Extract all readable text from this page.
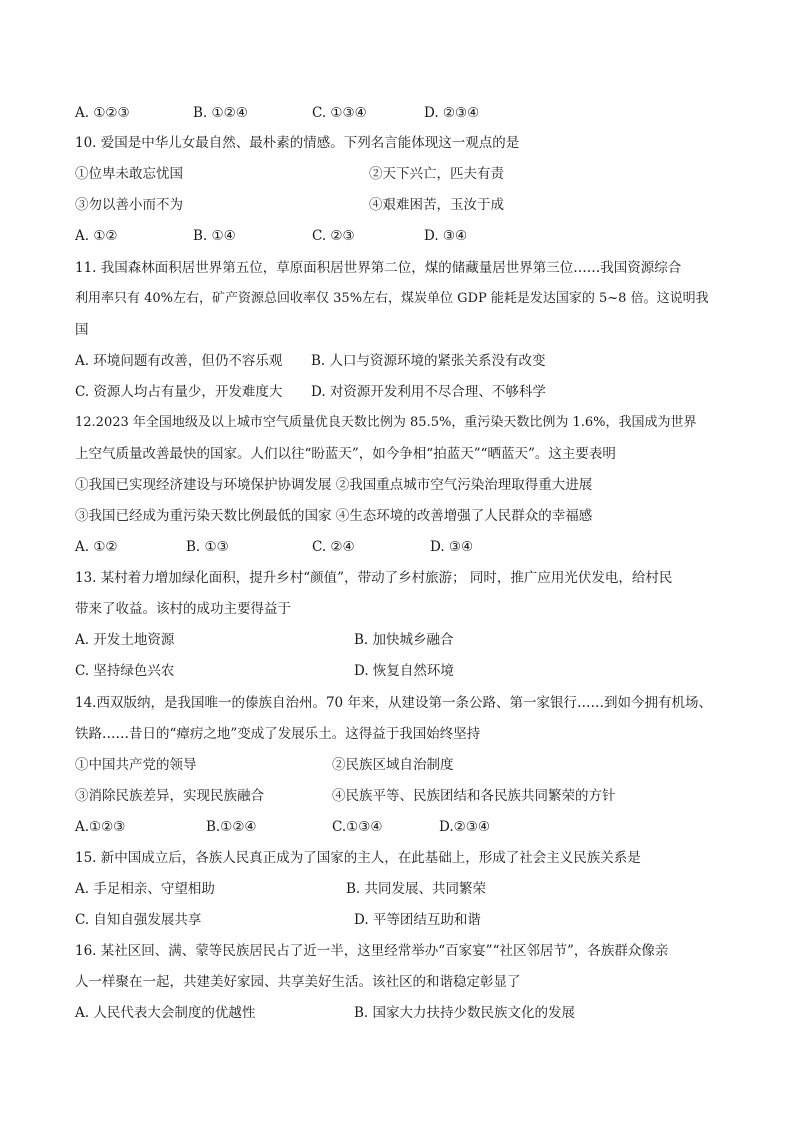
A. ①②③	B. ①②④	C. ①③④	D. ②③④
10. 爱国是中华儿女最自然、最朴素的情感。下列名言能体现这一观点的是
①位卑未敢忘忧国	②天下兴亡，匹夫有责
③勿以善小而不为	④艰难困苦，玉汝于成
A. ①②	B. ①④	C. ②③	D. ③④
11. 我国森林面积居世界第五位，草原面积居世界第二位，煤的储藏量居世界第三位……我国资源综合
利用率只有 40%左右，矿产资源总回收率仅 35%左右，煤炭单位 GDP 能耗是发达国家的 5~8 倍。这说明我
国
A. 环境问题有改善，但仍不容乐观 B. 人口与资源环境的紧张关系没有改变
C. 资源人均占有量少，开发难度大 D. 对资源开发利用不尽合理、不够科学
12.2023 年全国地级及以上城市空气质量优良天数比例为 85.5%，重污染天数比例为 1.6%，我国成为世界
上空气质量改善最快的国家。人们以往“盼蓝天”，如今争相“拍蓝天”“晒蓝天”。这主要表明
①我国已实现经济建设与环境保护协调发展 ②我国重点城市空气污染治理取得重大进展
③我国已经成为重污染天数比例最低的国家 ④生态环境的改善增强了人民群众的幸福感
A. ①②	B. ①③	C. ②④	D. ③④
13. 某村着力增加绿化面积，提升乡村“颜值”，带动了乡村旅游； 同时，推广应用光伏发电，给村民
带来了收益。该村的成功主要得益于
A. 开发土地资源	B. 加快城乡融合
C. 坚持绿色兴农	D. 恢复自然环境
14.西双版纳，是我国唯一的傣族自治州。70 年来，从建设第一条公路、第一家银行……到如今拥有机场、
铁路……昔日的“瘴疠之地”变成了发展乐土。这得益于我国始终坚持
①中国共产党的领导	②民族区域自治制度
③消除民族差异，实现民族融合	④民族平等、民族团结和各民族共同繁荣的方针
A.①②③	B.①②④	C.①③④	D.②③④
15. 新中国成立后，各族人民真正成为了国家的主人，在此基础上，形成了社会主义民族关系是
A. 手足相亲、守望相助	B. 共同发展、共同繁荣
C. 自知自强发展共享	D. 平等团结互助和谐
16. 某社区回、满、蒙等民族居民占了近一半，这里经常举办“百家宴”“社区邻居节”，各族群众像亲
人一样聚在一起，共建美好家园、共享美好生活。该社区的和谐稳定彰显了
A. 人民代表大会制度的优越性	B. 国家大力扶持少数民族文化的发展
